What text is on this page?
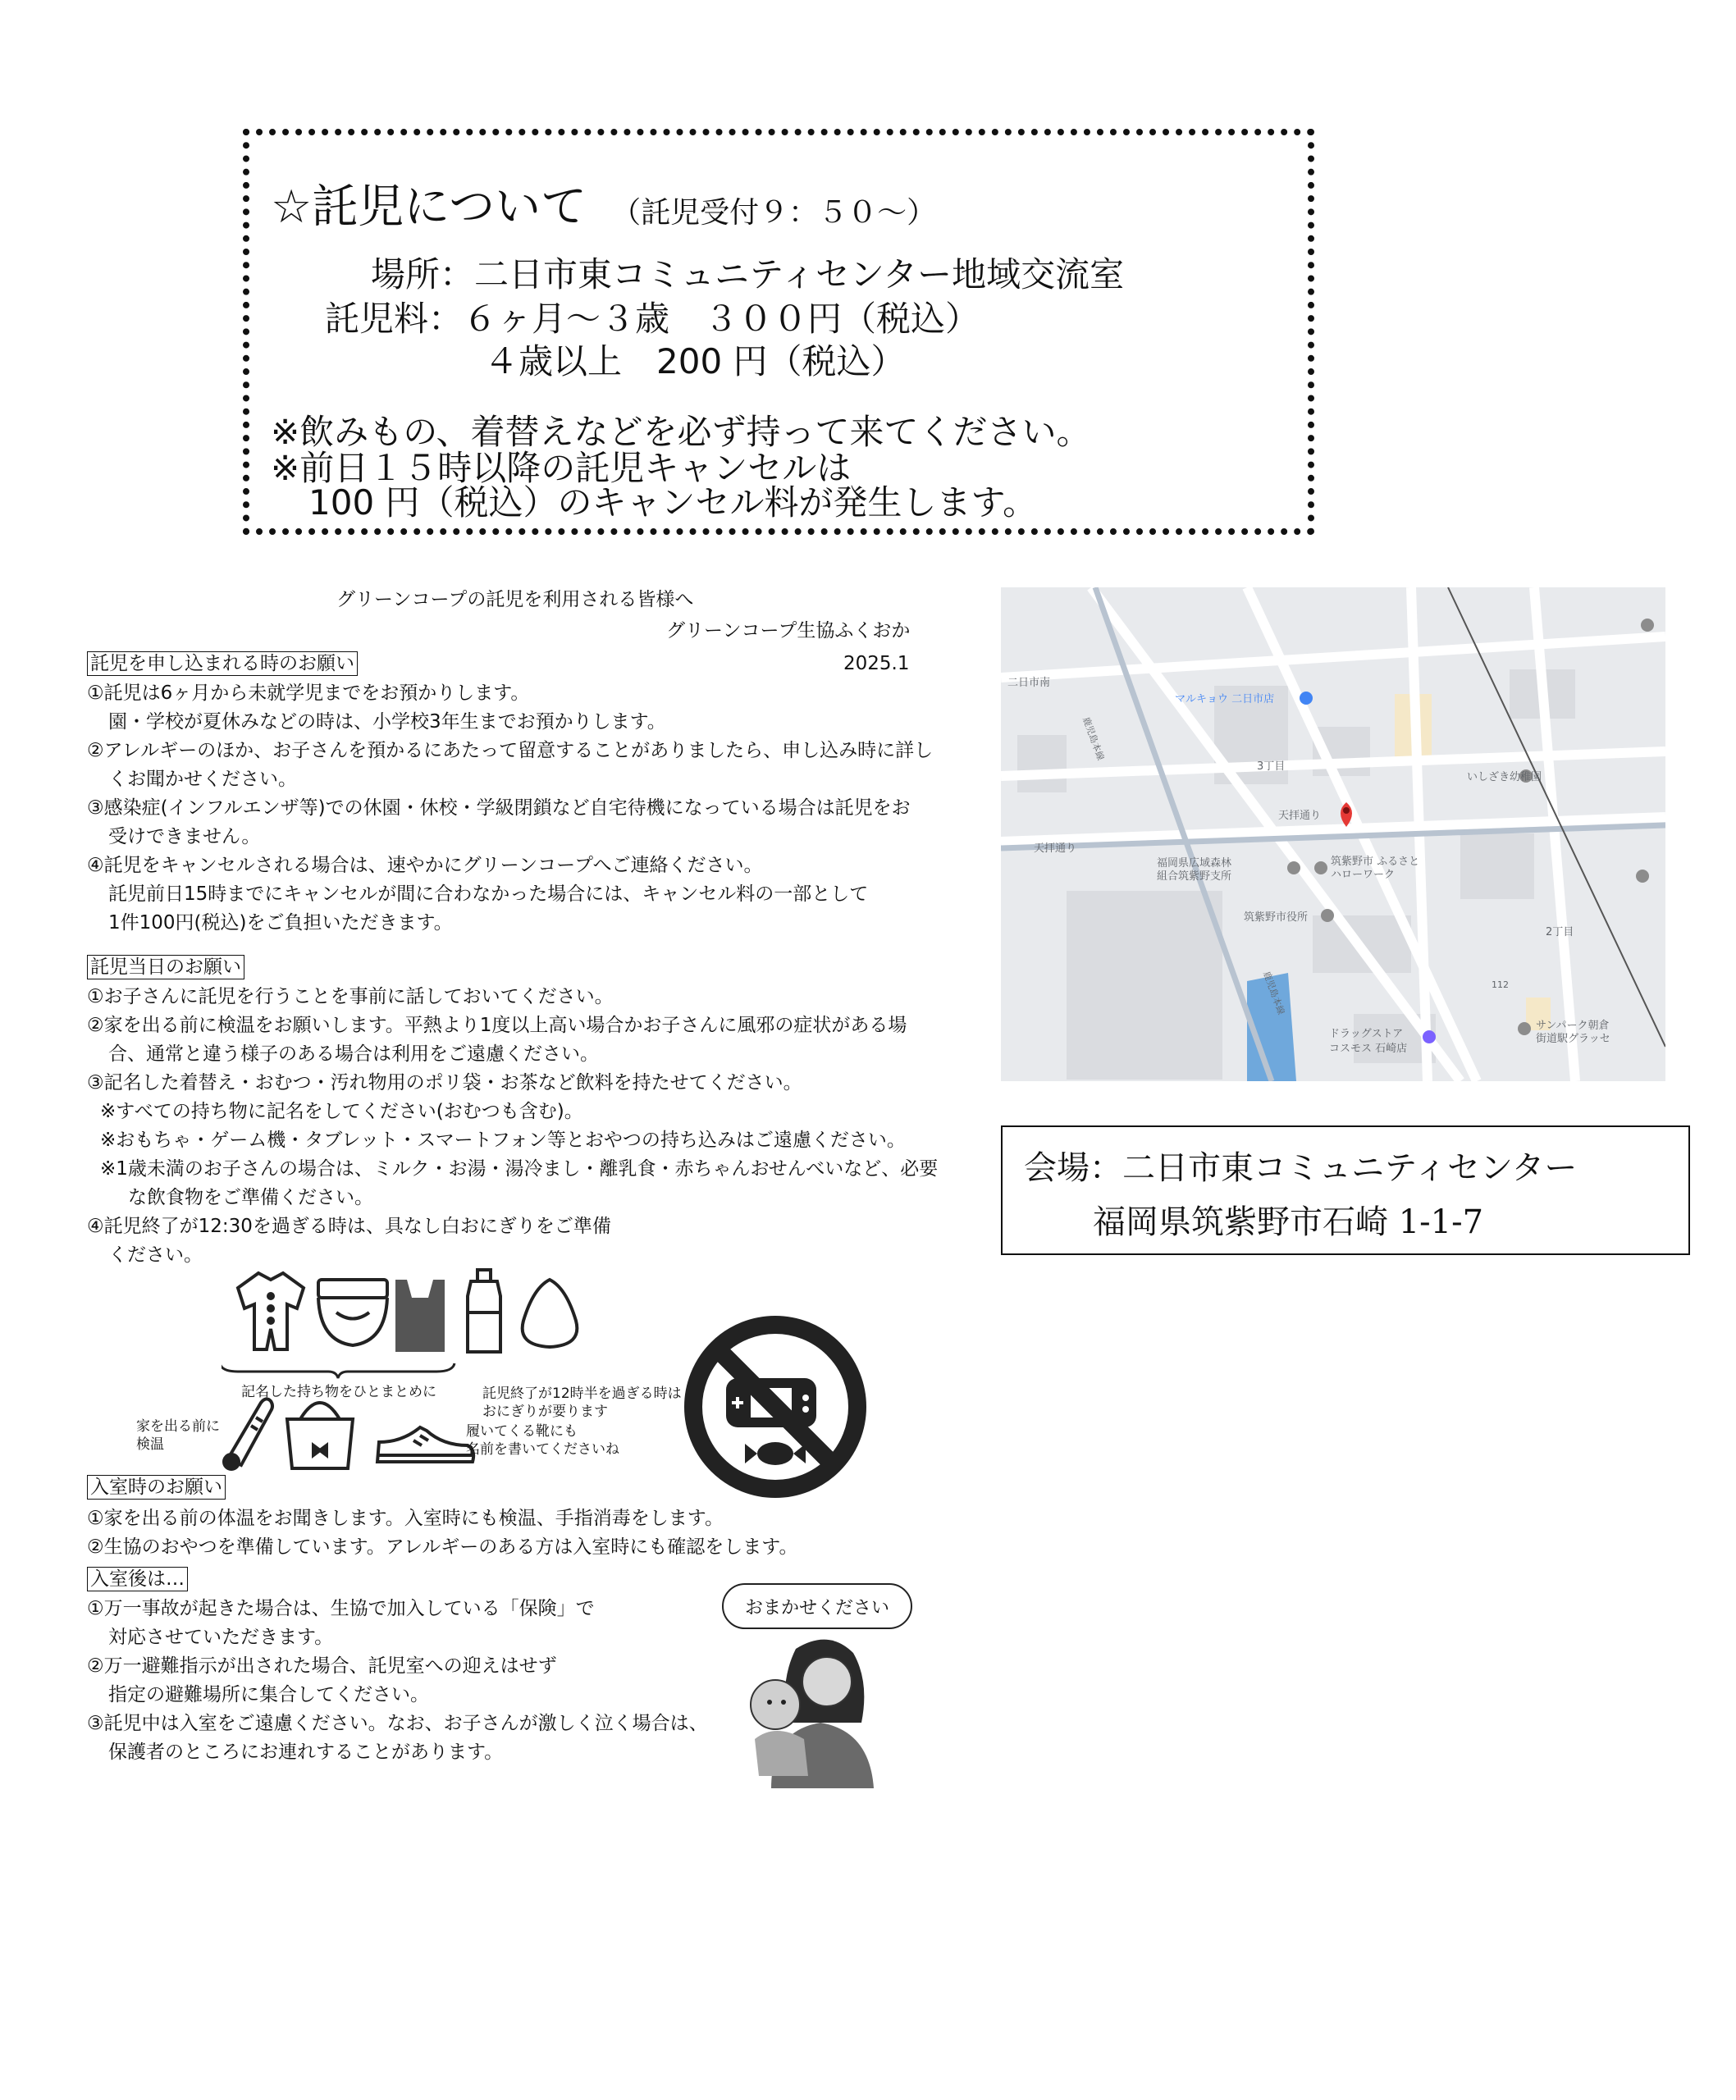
☆託児について （託児受付９：５０～）
場所：二日市東コミュニティセンター地域交流室
託児料：６ヶ月～３歳　３００円（税込）
４歳以上　200 円（税込）
※飲みもの、着替えなどを必ず持って来てください。
※前日１５時以降の託児キャンセルは
100 円（税込）のキャンセル料が発生します。
グリーンコープの託児を利用される皆様へ
グリーンコープ生協ふくおか
2025.1
託児を申し込まれる時のお願い
①託児は6ヶ月から未就学児までをお預かりします。
園・学校が夏休みなどの時は、小学校3年生までお預かりします。
②アレルギーのほか、お子さんを預かるにあたって留意することがありましたら、申し込み時に詳し
くお聞かせください。
③感染症(インフルエンザ等)での休園・休校・学級閉鎖など自宅待機になっている場合は託児をお
受けできません。
④託児をキャンセルされる場合は、速やかにグリーンコープへご連絡ください。
託児前日15時までにキャンセルが間に合わなかった場合には、キャンセル料の一部として
1件100円(税込)をご負担いただきます。
託児当日のお願い
①お子さんに託児を行うことを事前に話しておいてください。
②家を出る前に検温をお願いします。平熱より1度以上高い場合かお子さんに風邪の症状がある場
合、通常と違う様子のある場合は利用をご遠慮ください。
③記名した着替え・おむつ・汚れ物用のポリ袋・お茶など飲料を持たせてください。
※すべての持ち物に記名をしてください(おむつも含む)。
※おもちゃ・ゲーム機・タブレット・スマートフォン等とおやつの持ち込みはご遠慮ください。
※1歳未満のお子さんの場合は、ミルク・お湯・湯冷まし・離乳食・赤ちゃんおせんべいなど、必要
な飲食物をご準備ください。
④託児終了が12:30を過ぎる時は、具なし白おにぎりをご準備
ください。
記名した持ち物をひとまとめに	託児終了が12時半を過ぎる時は
おにぎりが要ります
家を出る前に
検温
履いてくる靴にも
名前を書いてくださいね
入室時のお願い
①家を出る前の体温をお聞きします。入室時にも検温、手指消毒をします。
②生協のおやつを準備しています。アレルギーのある方は入室時にも確認をします。
入室後は…
①万一事故が起きた場合は、生協で加入している「保険」で
対応させていただきます。
②万一避難指示が出された場合、託児室への迎えはせず
指定の避難場所に集合してください。
③託児中は入室をご遠慮ください。なお、お子さんが激しく泣く場合は、
保護者のところにお連れすることがあります。
おまかせください
二日市南
マルキョウ 二日市店
3丁目
いしざき幼稚園
天拝通り
天拝通り
福岡県広域森林
組合筑紫野支所
筑紫野市 ふるさと
ハローワーク
筑紫野市役所
2丁目
112
ドラッグストア
コスモス 石崎店
サンパーク朝倉
街道駅グラッセ
鹿児島本線
鹿児島本線
会場：二日市東コミュニティセンター
福岡県筑紫野市石崎 1-1-7
